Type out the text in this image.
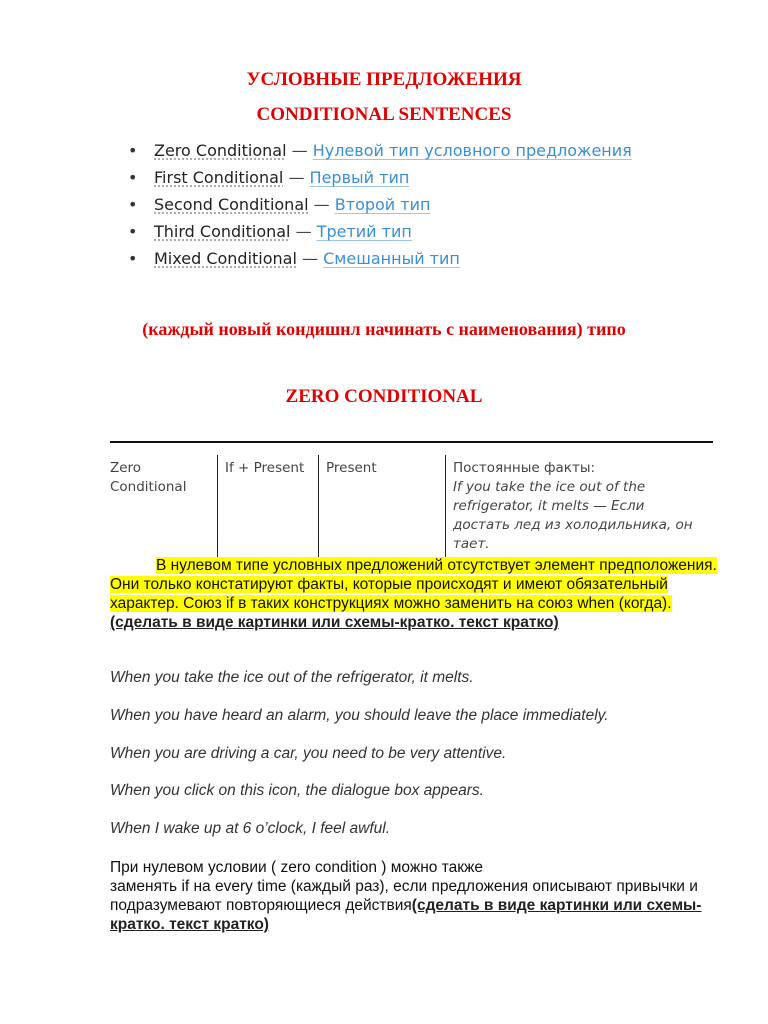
УСЛОВНЫЕ ПРЕДЛОЖЕНИЯ
CONDITIONAL SENTENCES
• Zero Conditional — Нулевой тип условного предложения
• First Conditional — Первый тип
• Second Conditional — Второй тип
• Third Conditional — Третий тип
• Mixed Conditional — Смешанный тип
(каждый новый кондишнл начинать с наименования) типо
ZERO CONDITIONAL
Zero Conditional	If + Present	Present	Постоянные факты:
If you take the ice out of the refrigerator, it melts — Если достать лед из холодильника, он тает.

В нулевом типе условных предложений отсутствует элемент предположения. Они только констатируют факты, которые происходят и имеют обязательный характер. Союз if в таких конструкциях можно заменить на союз when (когда). (сделать в виде картинки или схемы-кратко. текст кратко)

When you take the ice out of the refrigerator, it melts.

When you have heard an alarm, you should leave the place immediately.

When you are driving a car, you need to be very attentive.

When you click on this icon, the dialogue box appears.

When I wake up at 6 o’clock, I feel awful.

При нулевом условии ( zero condition ) можно также
заменять if на every time (каждый раз), если предложения описывают привычки и подразумевают повторяющиеся действия(сделать в виде картинки или схемы-кратко. текст кратко)
